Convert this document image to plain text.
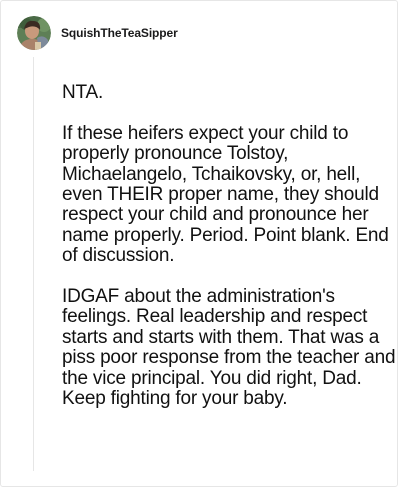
SquishTheTeaSipper

NTA.

If these heifers expect your child to properly pronounce Tolstoy, Michaelangelo, Tchaikovsky, or, hell, even THEIR proper name, they should respect your child and pronounce her name properly. Period. Point blank. End of discussion.

IDGAF about the administration's feelings. Real leadership and respect starts and starts with them. That was a piss poor response from the teacher and the vice principal. You did right, Dad. Keep fighting for your baby.
